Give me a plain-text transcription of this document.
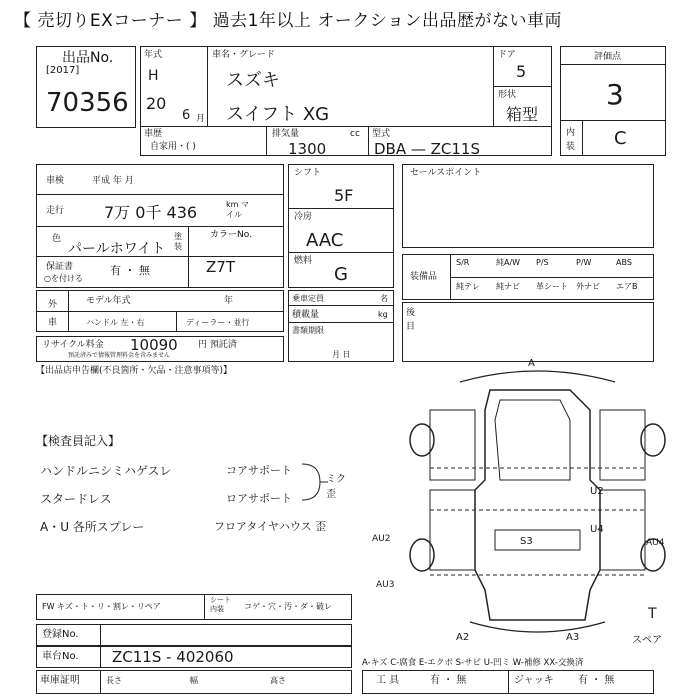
【 売切りEXコーナー 】 過去1年以上 オークション出品歴がない車両
出品No.
[2017]
70356
年式
H
20
6 月
車名・グレード
スズキ
スイフト XG
ドア
5
形状
箱型
車歴
自家用・( )
排気量	cc
1300
型式
DBA — ZC11S
評価点
3
内装 C
車検	平成 年 月
走行 7万 0千 436	km マイル
色	塗装
パールホワイト
カラーNo.
Z7T
保証書
○を付ける
有 ・ 無
外車
モデル年式	年
ハンドル 左・右	ディーラー・並行
リサイクル料金 10090 円 預託済
預託済みで情報管理料金を含みません
シフト
5F
冷房
AAC
燃料
G
乗車定員	名
積載量	kg
書類期限
月 日
セールスポイント
装備品
S/R	純A/W P/S	P/W	ABS
純テレ 純ナビ 革シート 外ナビ エアB
後目
【出品店申告欄(不良箇所・欠品・注意事項等)】
【検査員記入】
ハンドルニシミハゲスレ
スタードレス
A・U 各所スプレー
コアサポート
ロアサポート
フロアタイヤハウス 歪
ミク 歪
A
U2
U4
AU2
AU3
AU4
S3
A2	A3
T
スペア
FW キズ・ト・リ・割レ・リペア
シート 内装	コゲ・穴・汚・ダ・破レ
登録No.
車台No. ZC11S - 402060
車庫証明	長さ	幅	高さ
A-キズ C-腐食 E-エクボ S-サビ U-凹ミ W-補修 XX-交換済
工 具	有 ・ 無	ジャッキ 有 ・ 無
